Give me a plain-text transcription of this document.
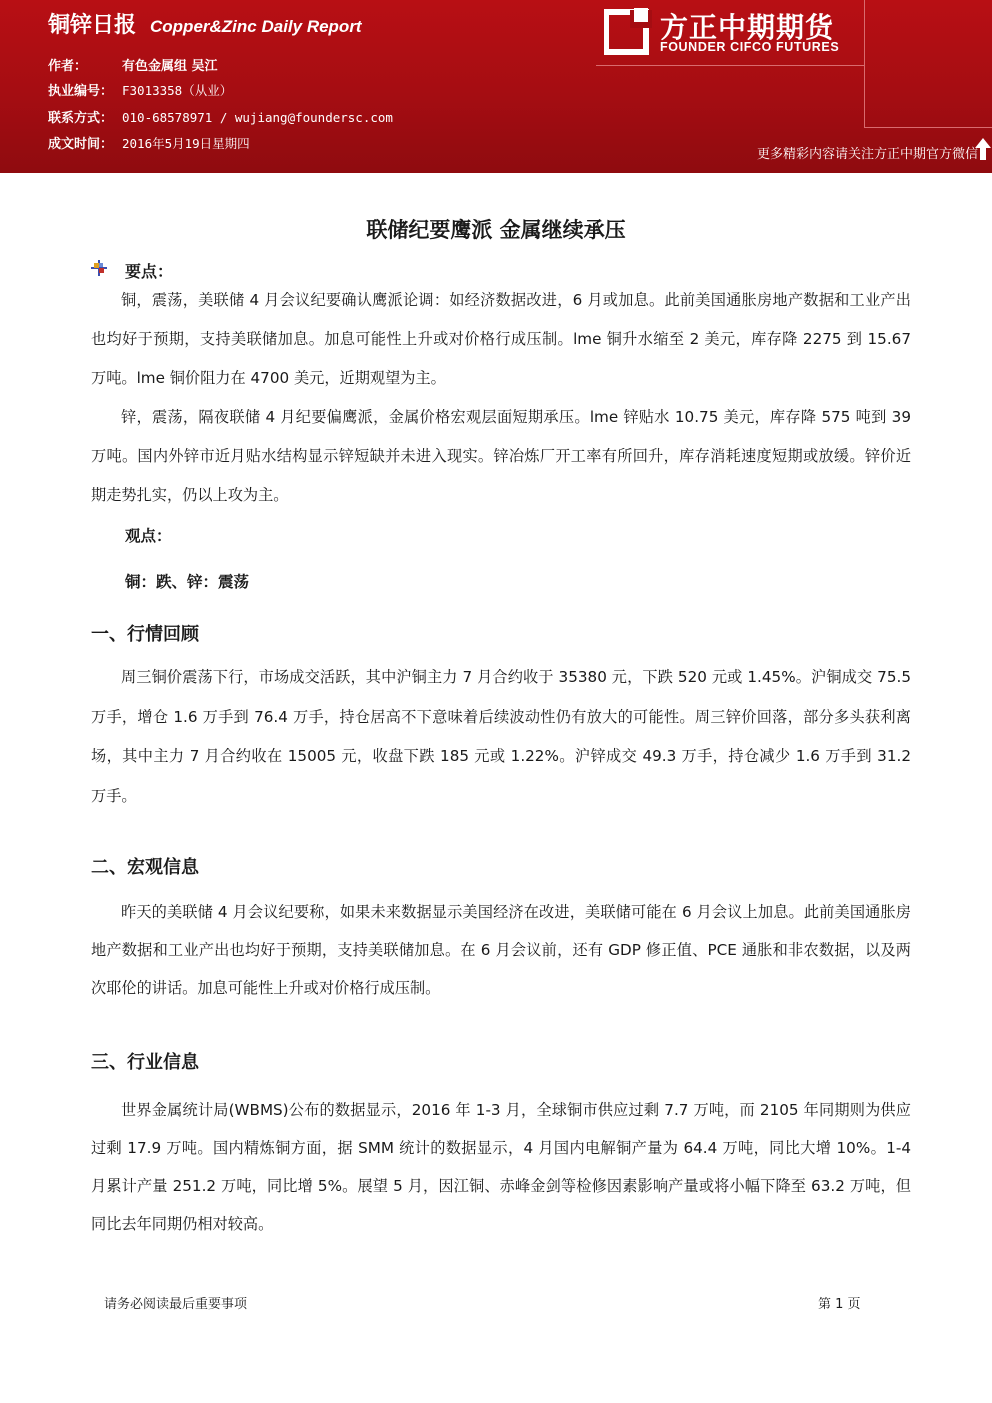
铜锌日报 Copper&Zinc Daily Report
作者：	有色金属组 吴江
执业编号： F3013358（从业）
联系方式： 010-68578971 / wujiang@foundersc.com
成文时间： 2016年5月19日星期四
方正中期期货
FOUNDER CIFCO FUTURES
更多精彩内容请关注方正中期官方微信
联储纪要鹰派 金属继续承压
要点：
铜，震荡，美联储 4 月会议纪要确认鹰派论调：如经济数据改进，6 月或加息。此前美国通胀房地产数据和工业产出也均好于预期，支持美联储加息。加息可能性上升或对价格行成压制。lme 铜升水缩至 2 美元，库存降 2275 到 15.67 万吨。lme 铜价阻力在 4700 美元，近期观望为主。
锌，震荡，隔夜联储 4 月纪要偏鹰派，金属价格宏观层面短期承压。lme 锌贴水 10.75 美元，库存降 575 吨到 39 万吨。国内外锌市近月贴水结构显示锌短缺并未进入现实。锌冶炼厂开工率有所回升，库存消耗速度短期或放缓。锌价近期走势扎实，仍以上攻为主。
观点：
铜：跌、锌：震荡
一、行情回顾
周三铜价震荡下行，市场成交活跃，其中沪铜主力 7 月合约收于 35380 元，下跌 520 元或 1.45%。沪铜成交 75.5 万手，增仓 1.6 万手到 76.4 万手，持仓居高不下意味着后续波动性仍有放大的可能性。周三锌价回落，部分多头获利离场，其中主力 7 月合约收在 15005 元，收盘下跌 185 元或 1.22%。沪锌成交 49.3 万手，持仓减少 1.6 万手到 31.2 万手。
二、宏观信息
昨天的美联储 4 月会议纪要称，如果未来数据显示美国经济在改进，美联储可能在 6 月会议上加息。此前美国通胀房地产数据和工业产出也均好于预期，支持美联储加息。在 6 月会议前，还有 GDP 修正值、PCE 通胀和非农数据，以及两次耶伦的讲话。加息可能性上升或对价格行成压制。
三、行业信息
世界金属统计局(WBMS)公布的数据显示，2016 年 1-3 月，全球铜市供应过剩 7.7 万吨，而 2105 年同期则为供应过剩 17.9 万吨。国内精炼铜方面，据 SMM 统计的数据显示，4 月国内电解铜产量为 64.4 万吨，同比大增 10%。1-4 月累计产量 251.2 万吨，同比增 5%。展望 5 月，因江铜、赤峰金剑等检修因素影响产量或将小幅下降至 63.2 万吨，但同比去年同期仍相对较高。
请务必阅读最后重要事项	第 1 页
